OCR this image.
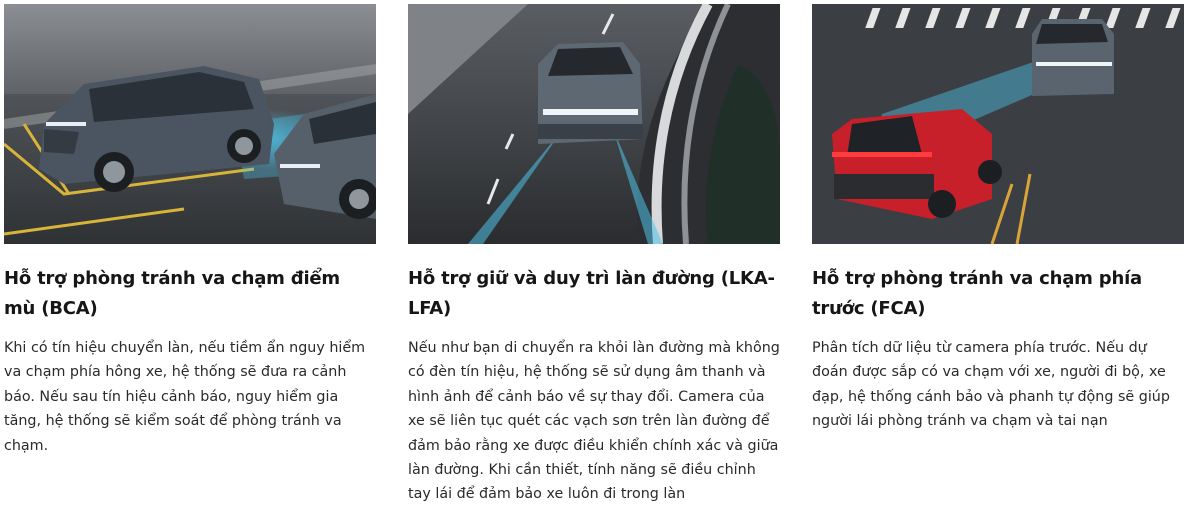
Hỗ trợ phòng tránh va chạm điểm mù (BCA)
Khi có tín hiệu chuyển làn, nếu tiềm ẩn nguy hiểm va chạm phía hông xe, hệ thống sẽ đưa ra cảnh báo. Nếu sau tín hiệu cảnh báo, nguy hiểm gia tăng, hệ thống sẽ kiểm soát để phòng tránh va chạm.
Hỗ trợ giữ và duy trì làn đường (LKA-LFA)
Nếu như bạn di chuyển ra khỏi làn đường mà không có đèn tín hiệu, hệ thống sẽ sử dụng âm thanh và hình ảnh để cảnh báo về sự thay đổi. Camera của xe sẽ liên tục quét các vạch sơn trên làn đường để đảm bảo rằng xe được điều khiển chính xác và giữa làn đường. Khi cần thiết, tính năng sẽ điều chỉnh tay lái để đảm bảo xe luôn đi trong làn
Hỗ trợ phòng tránh va chạm phía trước (FCA)
Phân tích dữ liệu từ camera phía trước. Nếu dự đoán được sắp có va chạm với xe, người đi bộ, xe đạp, hệ thống cánh bảo và phanh tự động sẽ giúp người lái phòng tránh va chạm và tai nạn
